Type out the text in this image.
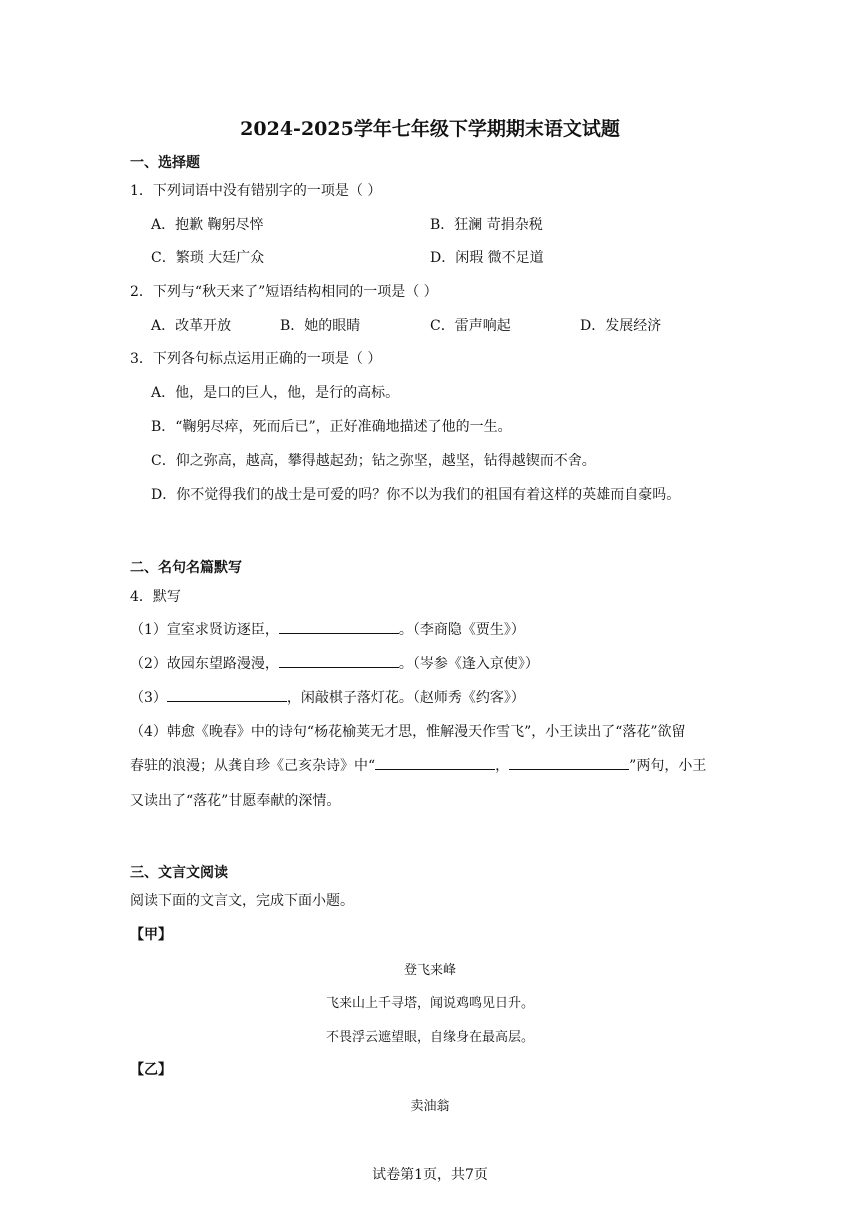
2024-2025学年七年级下学期期末语文试题
一、选择题
1．下列词语中没有错别字的一项是（ ）
A．抱歉 鞠躬尽悴	B．狂澜 苛捐杂税
C．繁琐 大廷广众	D．闲瑕 微不足道
2．下列与“秋天来了”短语结构相同的一项是（ ）
A．改革开放	B．她的眼睛	C．雷声响起	D．发展经济
3．下列各句标点运用正确的一项是（ ）
A．他，是口的巨人，他，是行的高标。
B．“鞠躬尽瘁，死而后已”，正好准确地描述了他的一生。
C．仰之弥高，越高，攀得越起劲；钻之弥坚，越坚，钻得越锲而不舍。
D．你不觉得我们的战士是可爱的吗？你不以为我们的祖国有着这样的英雄而自豪吗。
二、名句名篇默写
4．默写
（1）宣室求贤访逐臣，	。（李商隐《贾生》）
（2）故园东望路漫漫，	。（岑参《逢入京使》）
（3）	，闲敲棋子落灯花。（赵师秀《约客》）
（4）韩愈《晚春》中的诗句“杨花榆荚无才思，惟解漫天作雪飞”，小王读出了“落花”欲留
春驻的浪漫；从龚自珍《己亥杂诗》中“	，	”两句，小王
又读出了“落花”甘愿奉献的深情。
三、文言文阅读
阅读下面的文言文，完成下面小题。
【甲】
登飞来峰
飞来山上千寻塔，闻说鸡鸣见日升。
不畏浮云遮望眼，自缘身在最高层。
【乙】
卖油翁
试卷第1页，共7页
